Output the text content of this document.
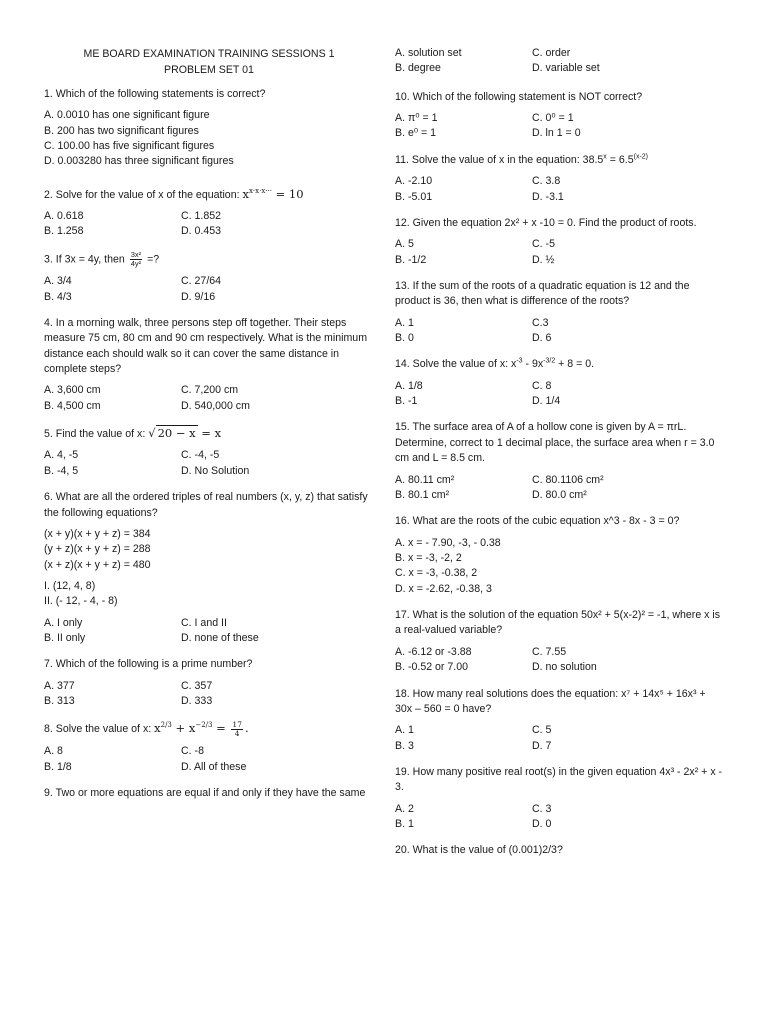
ME BOARD EXAMINATION TRAINING SESSIONS 1
PROBLEM SET 01
1. Which of the following statements is correct?
A. 0.0010 has one significant figure
B. 200 has two significant figures
C. 100.00 has five significant figures
D. 0.003280 has three significant figures
2. Solve for the value of x of the equation: $x^{x\cdot x\cdot x\cdot\cdot\cdot} = 10$
A. 0.618	C. 1.852
B. 1.258	D. 0.453
3. If 3x = 4y, then $\frac{\text{3x²}}{\text{4y²}}$ =?
A. 3/4	C. 27/64
B. 4/3	D. 9/16
4. In a morning walk, three persons step off together. Their steps measure 75 cm, 80 cm and 90 cm respectively. What is the minimum distance each should walk so it can cover the same distance in complete steps?
A. 3,600 cm	C. 7,200 cm
B. 4,500 cm	D. 540,000 cm
5. Find the value of x: √ 20 − x = x
A. 4, -5	C. -4, -5
B. -4, 5	D. No Solution
6. What are all the ordered triples of real numbers (x, y, z) that satisfy the following equations?
(x + y)(x + y + z) = 384
(y + z)(x + y + z) = 288
(x + z)(x + y + z) = 480
I. (12, 4, 8)
II. (- 12, - 4, - 8)
A. I only	C. I and II
B. II only	D. none of these
7. Which of the following is a prime number?
A. 377	C. 357
B. 313	D. 333
8. Solve the value of x: $x^{2/3} + x^{-2/3} = \frac{17}{4}$ .
A. 8	C. -8
B. 1/8	D. All of these
9. Two or more equations are equal if and only if they have the same
A. solution set	C. order
B. degree	D. variable set
10. Which of the following statement is NOT correct?
A. π⁰ = 1	C. 0⁰ = 1
B. e⁰ = 1	D. ln 1 = 0
11. Solve the value of x in the equation: $38.5^x = 6.5^{(x-2)}$
A. -2.10	C. 3.8
B. -5.01	D. -3.1
12. Given the equation 2x² + x -10 = 0. Find the product of roots.
A. 5	C. -5
B. -1/2	D. ½
13. If the sum of the roots of a quadratic equation is 12 and the product is 36, then what is difference of the roots?
A. 1	C.3
B. 0	D. 6
14. Solve the value of x: $x^{-3} - 9x^{-3/2} + 8 = 0$.
A. 1/8	C. 8
B. -1	D. 1/4
15. The surface area of A of a hollow cone is given by A = πrL. Determine, correct to 1 decimal place, the surface area when r = 3.0 cm and L = 8.5 cm.
A. 80.11 cm²	C. 80.1106 cm²
B. 80.1 cm²	D. 80.0 cm²
16. What are the roots of the cubic equation x^3 - 8x - 3 = 0?
A. x = - 7.90, -3, - 0.38
B. x = -3, -2, 2
C. x = -3, -0.38, 2
D. x = -2.62, -0.38, 3
17. What is the solution of the equation 50x² + 5(x-2)² = -1, where x is a real-valued variable?
A. -6.12 or -3.88	C. 7.55
B. -0.52 or 7.00	D. no solution
18. How many real solutions does the equation: x⁷ + 14x⁵ + 16x³ + 30x – 560 = 0 have?
A. 1	C. 5
B. 3	D. 7
19. How many positive real root(s) in the given equation 4x³ - 2x² + x - 3.
A. 2	C. 3
B. 1	D. 0
20. What is the value of (0.001)2/3?
